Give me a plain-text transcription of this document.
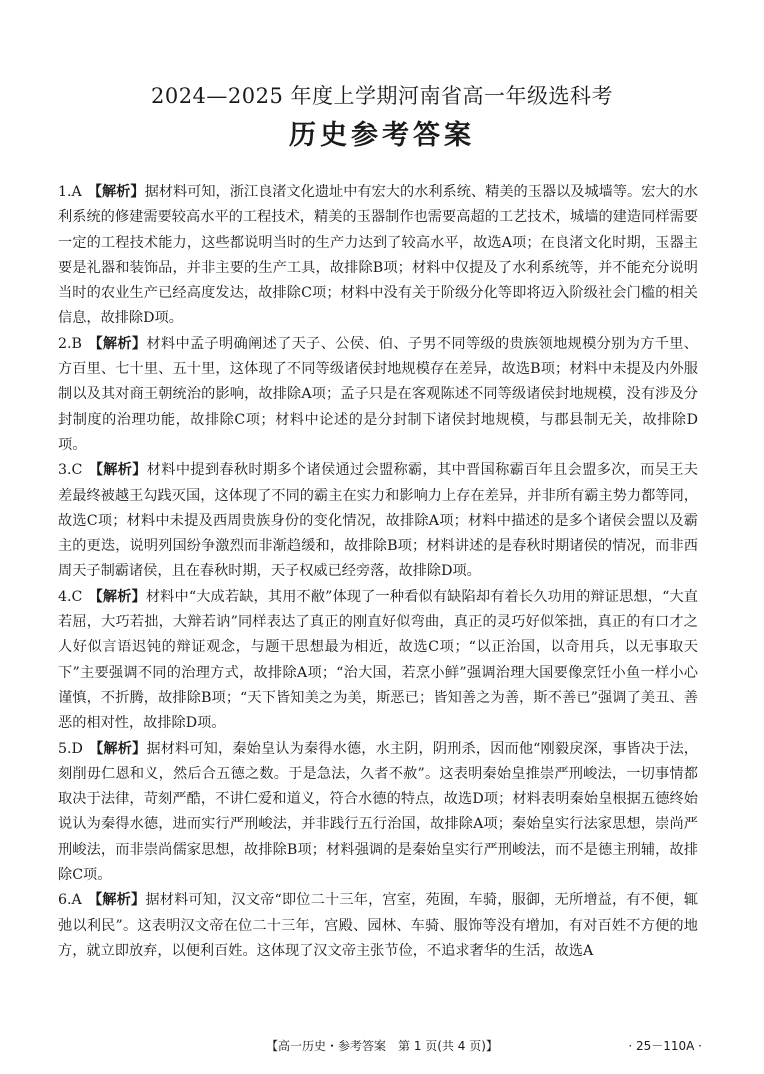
2024—2025 年度上学期河南省高一年级选科考
历史参考答案

1.A 【解析】据材料可知，浙江良渚文化遗址中有宏大的水利系统、精美的玉器以及城墙等。宏大的水利系统的修建需要较高水平的工程技术，精美的玉器制作也需要高超的工艺技术，城墙的建造同样需要一定的工程技术能力，这些都说明当时的生产力达到了较高水平，故选A项；在良渚文化时期，玉器主要是礼器和装饰品，并非主要的生产工具，故排除B项；材料中仅提及了水利系统等，并不能充分说明当时的农业生产已经高度发达，故排除C项；材料中没有关于阶级分化等即将迈入阶级社会门槛的相关信息，故排除D项。

2.B 【解析】材料中孟子明确阐述了天子、公侯、伯、子男不同等级的贵族领地规模分别为方千里、方百里、七十里、五十里，这体现了不同等级诸侯封地规模存在差异，故选B项；材料中未提及内外服制以及其对商王朝统治的影响，故排除A项；孟子只是在客观陈述不同等级诸侯封地规模，没有涉及分封制度的治理功能，故排除C项；材料中论述的是分封制下诸侯封地规模，与郡县制无关，故排除D项。

3.C 【解析】材料中提到春秋时期多个诸侯通过会盟称霸，其中晋国称霸百年且会盟多次，而吴王夫差最终被越王勾践灭国，这体现了不同的霸主在实力和影响力上存在差异，并非所有霸主势力都等同，故选C项；材料中未提及西周贵族身份的变化情况，故排除A项；材料中描述的是多个诸侯会盟以及霸主的更迭，说明列国纷争激烈而非渐趋缓和，故排除B项；材料讲述的是春秋时期诸侯的情况，而非西周天子制霸诸侯，且在春秋时期，天子权威已经旁落，故排除D项。

4.C 【解析】材料中“大成若缺，其用不敝”体现了一种看似有缺陷却有着长久功用的辩证思想，“大直若屈，大巧若拙，大辩若讷”同样表达了真正的刚直好似弯曲，真正的灵巧好似笨拙，真正的有口才之人好似言语迟钝的辩证观念，与题干思想最为相近，故选C项；“以正治国，以奇用兵，以无事取天下”主要强调不同的治理方式，故排除A项；“治大国，若烹小鲜”强调治理大国要像烹饪小鱼一样小心谨慎，不折腾，故排除B项；“天下皆知美之为美，斯恶已；皆知善之为善，斯不善已”强调了美丑、善恶的相对性，故排除D项。

5.D 【解析】据材料可知，秦始皇认为秦得水德，水主阴，阴刑杀，因而他“刚毅戾深，事皆决于法，刻削毋仁恩和义，然后合五德之数。于是急法，久者不赦”。这表明秦始皇推崇严刑峻法，一切事情都取决于法律，苛刻严酷，不讲仁爱和道义，符合水德的特点，故选D项；材料表明秦始皇根据五德终始说认为秦得水德，进而实行严刑峻法，并非践行五行治国，故排除A项；秦始皇实行法家思想，崇尚严刑峻法，而非崇尚儒家思想，故排除B项；材料强调的是秦始皇实行严刑峻法，而不是德主刑辅，故排除C项。

6.A 【解析】据材料可知，汉文帝“即位二十三年，宫室，苑囿，车骑，服御，无所增益，有不便，辄弛以利民”。这表明汉文帝在位二十三年，宫殿、园林、车骑、服饰等没有增加，有对百姓不方便的地方，就立即放弃，以便利百姓。这体现了汉文帝主张节俭，不追求奢华的生活，故选A

【高一历史・参考答案　第 1 页(共 4 页)】	· 25－110A ·
